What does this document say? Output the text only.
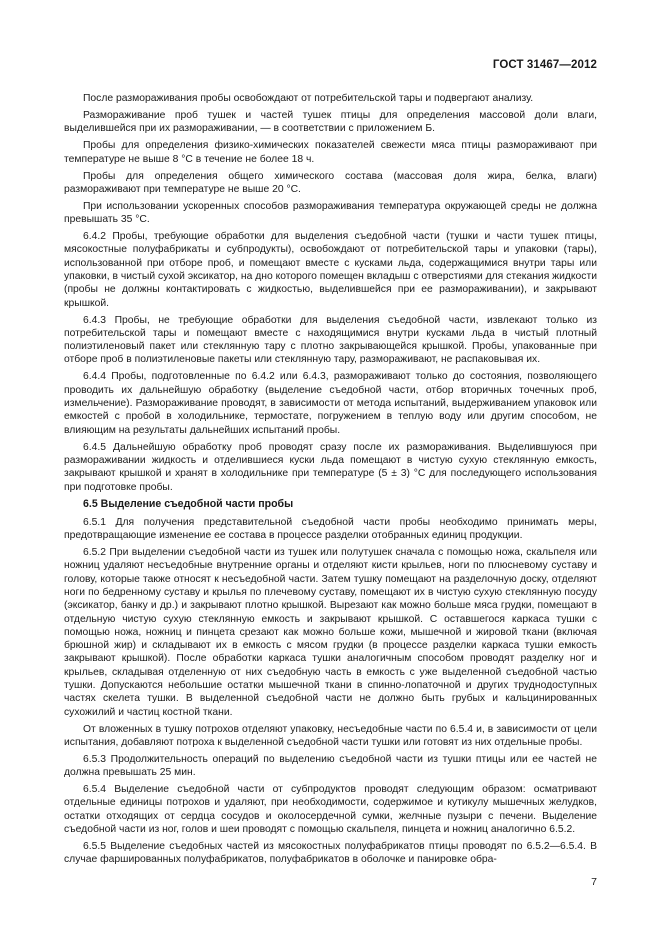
ГОСТ 31467—2012

После размораживания пробы освобождают от потребительской тары и подвергают анализу.

Размораживание проб тушек и частей тушек птицы для определения массовой доли влаги, выделившейся при их размораживании, — в соответствии с приложением Б.

Пробы для определения физико-химических показателей свежести мяса птицы размораживают при температуре не выше 8 °С в течение не более 18 ч.

Пробы для определения общего химического состава (массовая доля жира, белка, влаги) размораживают при температуре не выше 20 °С.

При использовании ускоренных способов размораживания температура окружающей среды не должна превышать 35 °С.

6.4.2 Пробы, требующие обработки для выделения съедобной части (тушки и части тушек птицы, мясокостные полуфабрикаты и субпродукты), освобождают от потребительской тары и упаковки (тары), использованной при отборе проб, и помещают вместе с кусками льда, содержащимися внутри тары или упаковки, в чистый сухой эксикатор, на дно которого помещен вкладыш с отверстиями для стекания жидкости (пробы не должны контактировать с жидкостью, выделившейся при ее размораживании), и закрывают крышкой.

6.4.3 Пробы, не требующие обработки для выделения съедобной части, извлекают только из потребительской тары и помещают вместе с находящимися внутри кусками льда в чистый плотный полиэтиленовый пакет или стеклянную тару с плотно закрывающейся крышкой. Пробы, упакованные при отборе проб в полиэтиленовые пакеты или стеклянную тару, размораживают, не распаковывая их.

6.4.4 Пробы, подготовленные по 6.4.2 или 6.4.3, размораживают только до состояния, позволяющего проводить их дальнейшую обработку (выделение съедобной части, отбор вторичных точечных проб, измельчение). Размораживание проводят, в зависимости от метода испытаний, выдерживанием упаковок или емкостей с пробой в холодильнике, термостате, погружением в теплую воду или другим способом, не влияющим на результаты дальнейших испытаний пробы.

6.4.5 Дальнейшую обработку проб проводят сразу после их размораживания. Выделившуюся при размораживании жидкость и отделившиеся куски льда помещают в чистую сухую стеклянную емкость, закрывают крышкой и хранят в холодильнике при температуре (5 ± 3) °С для последующего использования при подготовке пробы.

6.5 Выделение съедобной части пробы

6.5.1 Для получения представительной съедобной части пробы необходимо принимать меры, предотвращающие изменение ее состава в процессе разделки отобранных единиц продукции.

6.5.2 При выделении съедобной части из тушек или полутушек сначала с помощью ножа, скальпеля или ножниц удаляют несъедобные внутренние органы и отделяют кисти крыльев, ноги по плюсневому суставу и голову, которые также относят к несъедобной части. Затем тушку помещают на разделочную доску, отделяют ноги по бедренному суставу и крылья по плечевому суставу, помещают их в чистую сухую стеклянную посуду (эксикатор, банку и др.) и закрывают плотно крышкой. Вырезают как можно больше мяса грудки, помещают в отдельную чистую сухую стеклянную емкость и закрывают крышкой. С оставшегося каркаса тушки с помощью ножа, ножниц и пинцета срезают как можно больше кожи, мышечной и жировой ткани (включая брюшной жир) и складывают их в емкость с мясом грудки (в процессе разделки каркаса тушки емкость закрывают крышкой). После обработки каркаса тушки аналогичным способом проводят разделку ног и крыльев, складывая отделенную от них съедобную часть в емкость с уже выделенной съедобной частью тушки. Допускаются небольшие остатки мышечной ткани в спинно-лопаточной и других труднодоступных частях скелета тушки. В выделенной съедобной части не должно быть грубых и кальцинированных сухожилий и частиц костной ткани.

От вложенных в тушку потрохов отделяют упаковку, несъедобные части по 6.5.4 и, в зависимости от цели испытания, добавляют потроха к выделенной съедобной части тушки или готовят из них отдельные пробы.

6.5.3 Продолжительность операций по выделению съедобной части из тушки птицы или ее частей не должна превышать 25 мин.

6.5.4 Выделение съедобной части от субпродуктов проводят следующим образом: осматривают отдельные единицы потрохов и удаляют, при необходимости, содержимое и кутикулу мышечных желудков, остатки отходящих от сердца сосудов и околосердечной сумки, желчные пузыри с печени. Выделение съедобной части из ног, голов и шеи проводят с помощью скальпеля, пинцета и ножниц аналогично 6.5.2.

6.5.5 Выделение съедобных частей из мясокостных полуфабрикатов птицы проводят по 6.5.2—6.5.4. В случае фаршированных полуфабрикатов, полуфабрикатов в оболочке и панировке обра-

7
